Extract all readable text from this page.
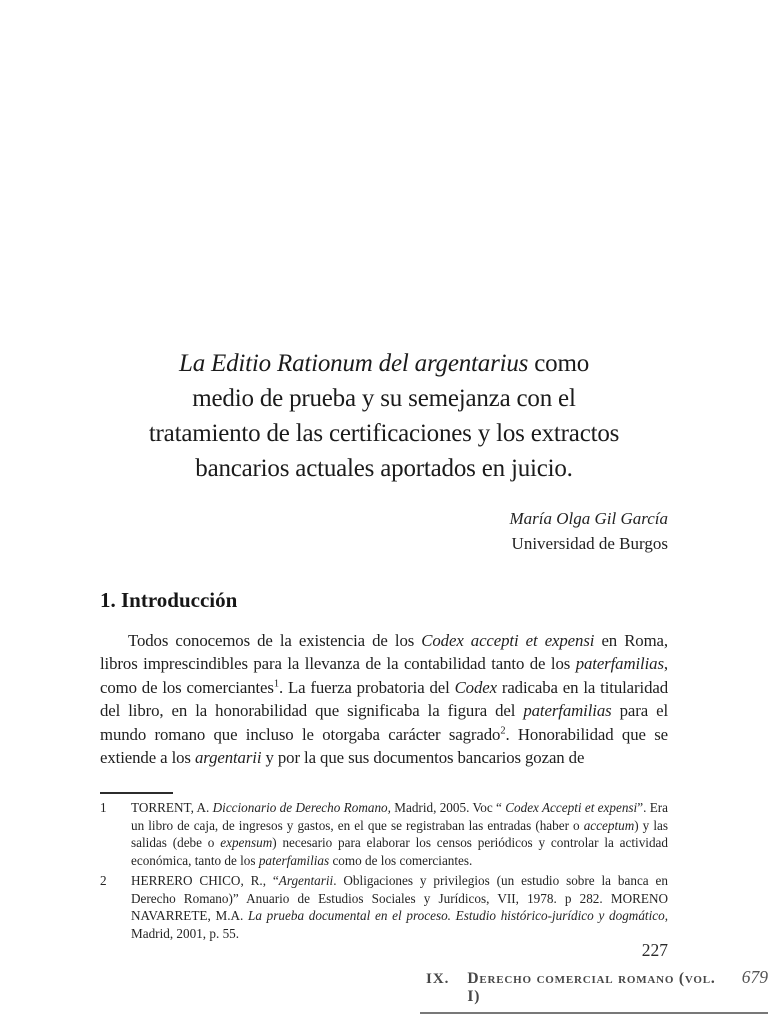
La Editio Rationum del argentarius como
medio de prueba y su semejanza con el
tratamiento de las certificaciones y los extractos
bancarios actuales aportados en juicio.
María Olga Gil García
Universidad de Burgos
1. Introducción
Todos conocemos de la existencia de los Codex accepti et expensi en Roma, libros imprescindibles para la llevanza de la contabilidad tanto de los paterfamilias, como de los comerciantes$^1$. La fuerza probatoria del Codex radicaba en la titularidad del libro, en la honorabilidad que significaba la figura del paterfamilias para el mundo romano que incluso le otorgaba carácter sagrado$^2$. Honorabilidad que se extiende a los argentarii y por la que sus documentos bancarios gozan de
1	TORRENT, A. Diccionario de Derecho Romano, Madrid, 2005. Voc “ Codex Accepti et expensi”. Era un libro de caja, de ingresos y gastos, en el que se registraban las entradas (haber o acceptum) y las salidas (debe o expensum) necesario para elaborar los censos periódicos y controlar la actividad económica, tanto de los paterfamilias como de los comerciantes.
2	HERRERO CHICO, R., “Argentarii. Obligaciones y privilegios (un estudio sobre la banca en Derecho Romano)” Anuario de Estudios Sociales y Jurídicos, VII, 1978. p 282. MORENO NAVARRETE, M.A. La prueba documental en el proceso. Estudio histórico-jurídico y dogmático, Madrid, 2001, p. 55.
227
IX. Derecho comercial romano (vol. I)
679
